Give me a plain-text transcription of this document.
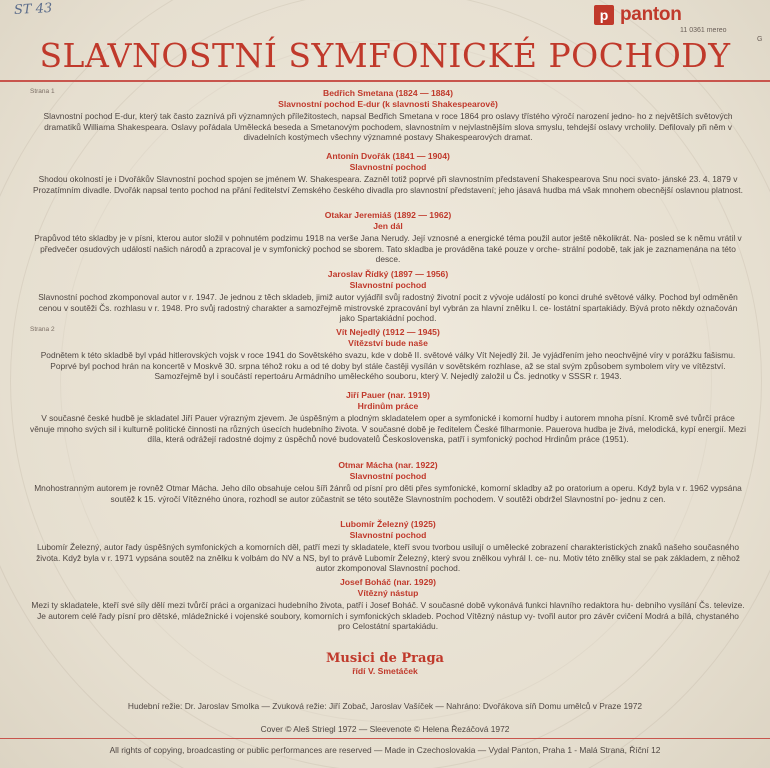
ST 43	p panton
11 0361 mereo
G
SLAVNOSTNÍ SYMFONICKÉ POCHODY
Strana 1
Strana 2
Bedřich Smetana (1824 — 1884)
Slavnostní pochod E-dur (k slavnosti Shakespearově)
Slavnostní pochod E-dur, který tak často zaznívá při významných příležitostech, napsal Bedřich Smetana v roce 1864 pro oslavy třístého výročí narození jedno- ho z největších světových dramatiků Williama Shakespeara. Oslavy pořádala Umělecká beseda a Smetanovým pochodem, slavnostním v nejvlastnějším slova smyslu, tehdejší oslavy vrcholily. Defilovaly při něm v divadelních kostýmech všechny významné postavy Shakespearových dramat.
Antonín Dvořák (1841 — 1904)
Slavnostní pochod
Shodou okolností je i Dvořákův Slavnostní pochod spojen se jménem W. Shakespeara. Zazněl totiž poprvé při slavnostním představení Shakespearova Snu noci svato- jánské 23. 4. 1879 v Prozatímním divadle. Dvořák napsal tento pochod na přání ředitelství Zemského českého divadla pro slavnostní představení; jeho jásavá hudba má však mnohem obecnější oslavnou platnost.
Otakar Jeremiáš (1892 — 1962)
Jen dál
Prapůvod této skladby je v písni, kterou autor složil v pohnutém podzimu 1918 na verše Jana Nerudy. Její vznosné a energické téma použil autor ještě několikrát. Na- posled se k němu vrátil v předvečer osudových událostí našich národů a zpracoval je v symfonický pochod se sborem. Tato skladba je prováděna také pouze v orche- strální podobě, tak jak je zaznamenána na této desce.
Jaroslav Řídký (1897 — 1956)
Slavnostní pochod
Slavnostní pochod zkomponoval autor v r. 1947. Je jednou z těch skladeb, jimiž autor vyjádřil svůj radostný životní pocit z vývoje událostí po konci druhé světové války. Pochod byl odměněn cenou v soutěži Čs. rozhlasu v r. 1948. Pro svůj radostný charakter a samozřejmě mistrovské zpracování byl vybrán za hlavní znělku I. ce- lostátní spartakiády. Bývá proto někdy označován jako Spartakiádní pochod.
Vít Nejedlý (1912 — 1945)
Vítězství bude naše
Podnětem k této skladbě byl vpád hitlerovských vojsk v roce 1941 do Sovětského svazu, kde v době II. světové války Vít Nejedlý žil. Je vyjádřením jeho neochvějné víry v porážku fašismu. Poprvé byl pochod hrán na koncertě v Moskvě 30. srpna téhož roku a od té doby byl stále častěji vysílán v sovětském rozhlase, až se stal svým způsobem symbolem víry ve vítězství. Samozřejmě byl i součástí repertoáru Armádního uměleckého souboru, který V. Nejedlý založil u Čs. jednotky v SSSR r. 1943.
Jiří Pauer (nar. 1919)
Hrdinům práce
V současné české hudbě je skladatel Jiří Pauer výrazným zjevem. Je úspěšným a plodným skladatelem oper a symfonické i komorní hudby i autorem mnoha písní. Kromě své tvůrčí práce věnuje mnoho svých sil i kulturně politické činnosti na různých úsecích hudebního života. V současné době je ředitelem České filharmonie. Pauerova hudba je živá, melodická, kypí energií. Mezi díla, která odrážejí radostné dojmy z úspěchů nové budovatelů Československa, patří i symfonický pochod Hrdinům práce (1951).
Otmar Mácha (nar. 1922)
Slavnostní pochod
Mnohostranným autorem je rovněž Otmar Mácha. Jeho dílo obsahuje celou šíři žánrů od písní pro děti přes symfonické, komorní skladby až po oratorium a operu. Když byla v r. 1962 vypsána soutěž k 15. výročí Vítězného února, rozhodl se autor zúčastnit se této soutěže Slavnostním pochodem. V soutěži obdržel Slavnostní po- jednu z cen.
Lubomír Železný (1925)
Slavnostní pochod
Lubomír Železný, autor řady úspěšných symfonických a komorních děl, patří mezi ty skladatele, kteří svou tvorbou usilují o umělecké zobrazení charakteristických znaků našeho současného života. Když byla v r. 1971 vypsána soutěž na znělku k volbám do NV a NS, byl to právě Lubomír Železný, který svou znělkou vyhrál I. ce- nu. Motiv této znělky stal se pak základem, z něhož autor zkomponoval Slavnostní pochod.
Josef Boháč (nar. 1929)
Vítězný nástup
Mezi ty skladatele, kteří své síly dělí mezi tvůrčí práci a organizaci hudebního života, patří i Josef Boháč. V současné době vykonává funkci hlavního redaktora hu- debního vysílání Čs. televize. Je autorem celé řady písní pro dětské, mládežnické i vojenské soubory, komorních i symfonických skladeb. Pochod Vítězný nástup vy- tvořil autor pro závěr cvičení Modrá a bílá, chystaného pro Celostátní spartakiádu.
Musici de Praga
řídí V. Smetáček
Hudební režie: Dr. Jaroslav Smolka — Zvuková režie: Jiří Zobač, Jaroslav Vašíček — Nahráno: Dvořákova síň Domu umělců v Praze 1972
Cover © Aleš Striegl 1972 — Sleevenote © Helena Řezáčová 1972
All rights of copying, broadcasting or public performances are reserved — Made in Czechoslovakia — Vydal Panton, Praha 1 - Malá Strana, Říční 12
